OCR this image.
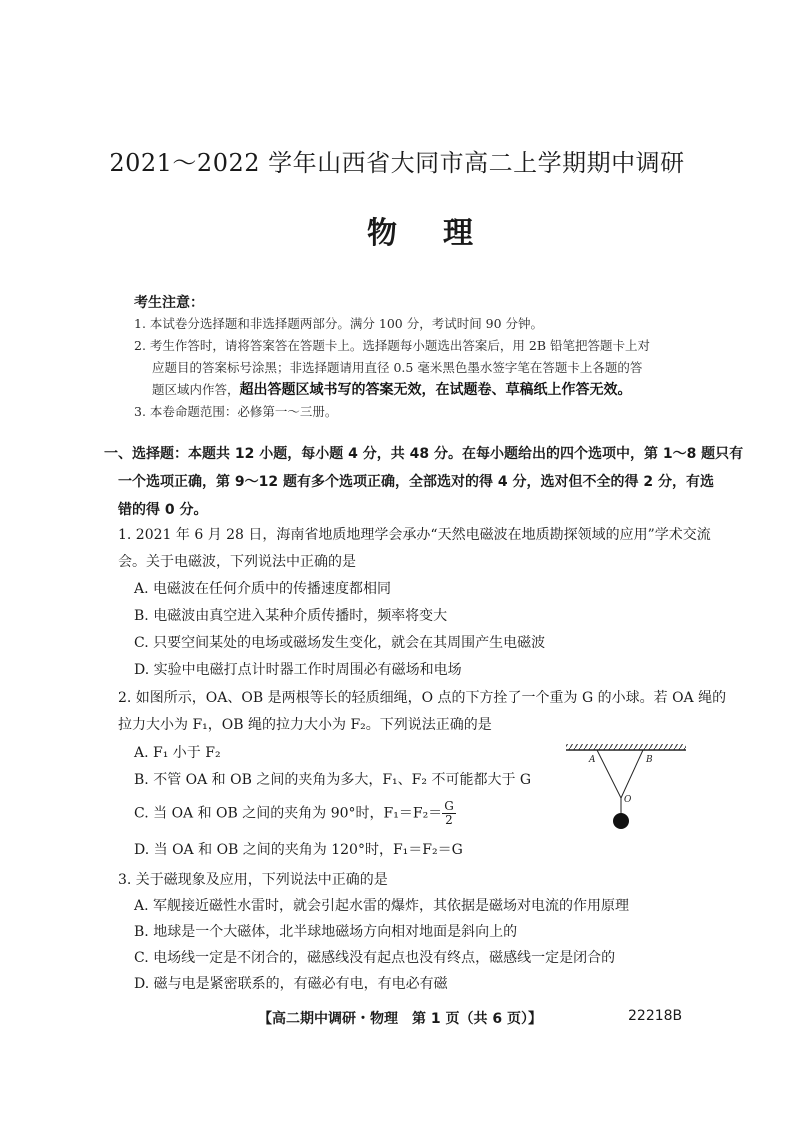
2021～2022 学年山西省大同市高二上学期期中调研
物理
考生注意：
1. 本试卷分选择题和非选择题两部分。满分 100 分，考试时间 90 分钟。
2. 考生作答时，请将答案答在答题卡上。选择题每小题选出答案后，用 2B 铅笔把答题卡上对
应题目的答案标号涂黑；非选择题请用直径 0.5 毫米黑色墨水签字笔在答题卡上各题的答
题区域内作答，超出答题区域书写的答案无效，在试题卷、草稿纸上作答无效。
3. 本卷命题范围：必修第一～三册。
一、选择题：本题共 12 小题，每小题 4 分，共 48 分。在每小题给出的四个选项中，第 1～8 题只有
一个选项正确，第 9～12 题有多个选项正确，全部选对的得 4 分，选对但不全的得 2 分，有选
错的得 0 分。
1. 2021 年 6 月 28 日，海南省地质地理学会承办“天然电磁波在地质勘探领域的应用”学术交流
会。关于电磁波，下列说法中正确的是
A. 电磁波在任何介质中的传播速度都相同
B. 电磁波由真空进入某种介质传播时，频率将变大
C. 只要空间某处的电场或磁场发生变化，就会在其周围产生电磁波
D. 实验中电磁打点计时器工作时周围必有磁场和电场
2. 如图所示，OA、OB 是两根等长的轻质细绳，O 点的下方拴了一个重为 G 的小球。若 OA 绳的
拉力大小为 F₁，OB 绳的拉力大小为 F₂。下列说法正确的是
A. F₁ 小于 F₂
B. 不管 OA 和 OB 之间的夹角为多大，F₁、F₂ 不可能都大于 G
C. 当 OA 和 OB 之间的夹角为 90°时，$F_1=F_2= \frac{G}{2}$
D. 当 OA 和 OB 之间的夹角为 120°时，F₁＝F₂＝G
A	B
O
3. 关于磁现象及应用，下列说法中正确的是
A. 军舰接近磁性水雷时，就会引起水雷的爆炸，其依据是磁场对电流的作用原理
B. 地球是一个大磁体，北半球地磁场方向相对地面是斜向上的
C. 电场线一定是不闭合的，磁感线没有起点也没有终点，磁感线一定是闭合的
D. 磁与电是紧密联系的，有磁必有电，有电必有磁
【高二期中调研・物理　第 1 页（共 6 页）】	22218B
